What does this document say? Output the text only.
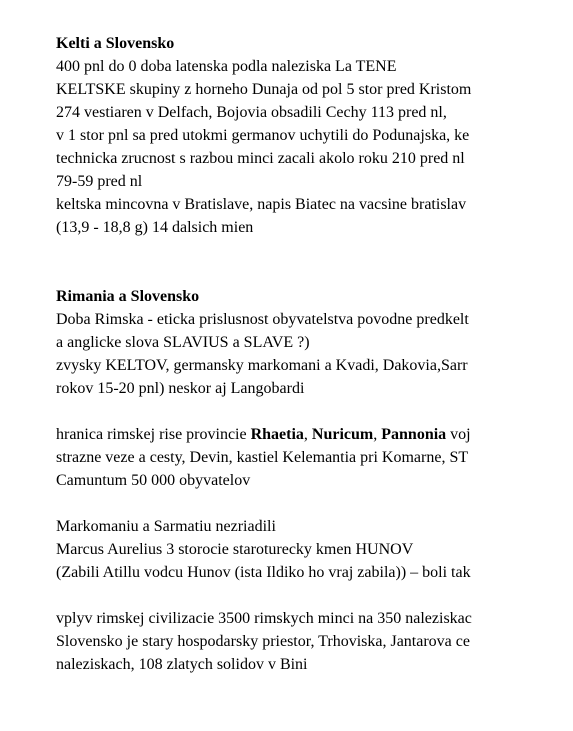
Kelti a Slovensko
400 pnl do 0 doba latenska podla naleziska La TENE
KELTSKE skupiny z horneho Dunaja od pol 5 stor pred Kristom
274 vestiaren v Delfach, Bojovia obsadili Cechy 113 pred nl,
v 1 stor pnl sa pred utokmi germanov uchytili do Podunajska, ke
technicka zrucnost s razbou minci zacali akolo roku 210 pred nl
79-59 pred nl
keltska mincovna v Bratislave, napis Biatec na vacsine bratislav
(13,9 - 18,8 g) 14 dalsich mien
Rimania a Slovensko
Doba Rimska - eticka prislusnost obyvatelstva povodne predkelt
a anglicke slova SLAVIUS a SLAVE ?)
zvysky KELTOV, germansky markomani a Kvadi, Dakovia,Sarr
rokov 15-20 pnl) neskor aj Langobardi
hranica rimskej rise provincie Rhaetia, Nuricum, Pannonia voj
strazne veze a cesty, Devin, kastiel Kelemantia pri Komarne, ST
Camuntum 50 000 obyvatelov
Markomaniu a Sarmatiu nezriadili
Marcus Aurelius 3 storocie staroturecky kmen HUNOV
(Zabili Atillu vodcu Hunov (ista Ildiko ho vraj zabila)) – boli tak
vplyv rimskej civilizacie 3500 rimskych minci na 350 naleziskac
Slovensko je stary hospodarsky priestor, Trhoviska, Jantarova ce
naleziskach, 108 zlatych solidov v Bini
